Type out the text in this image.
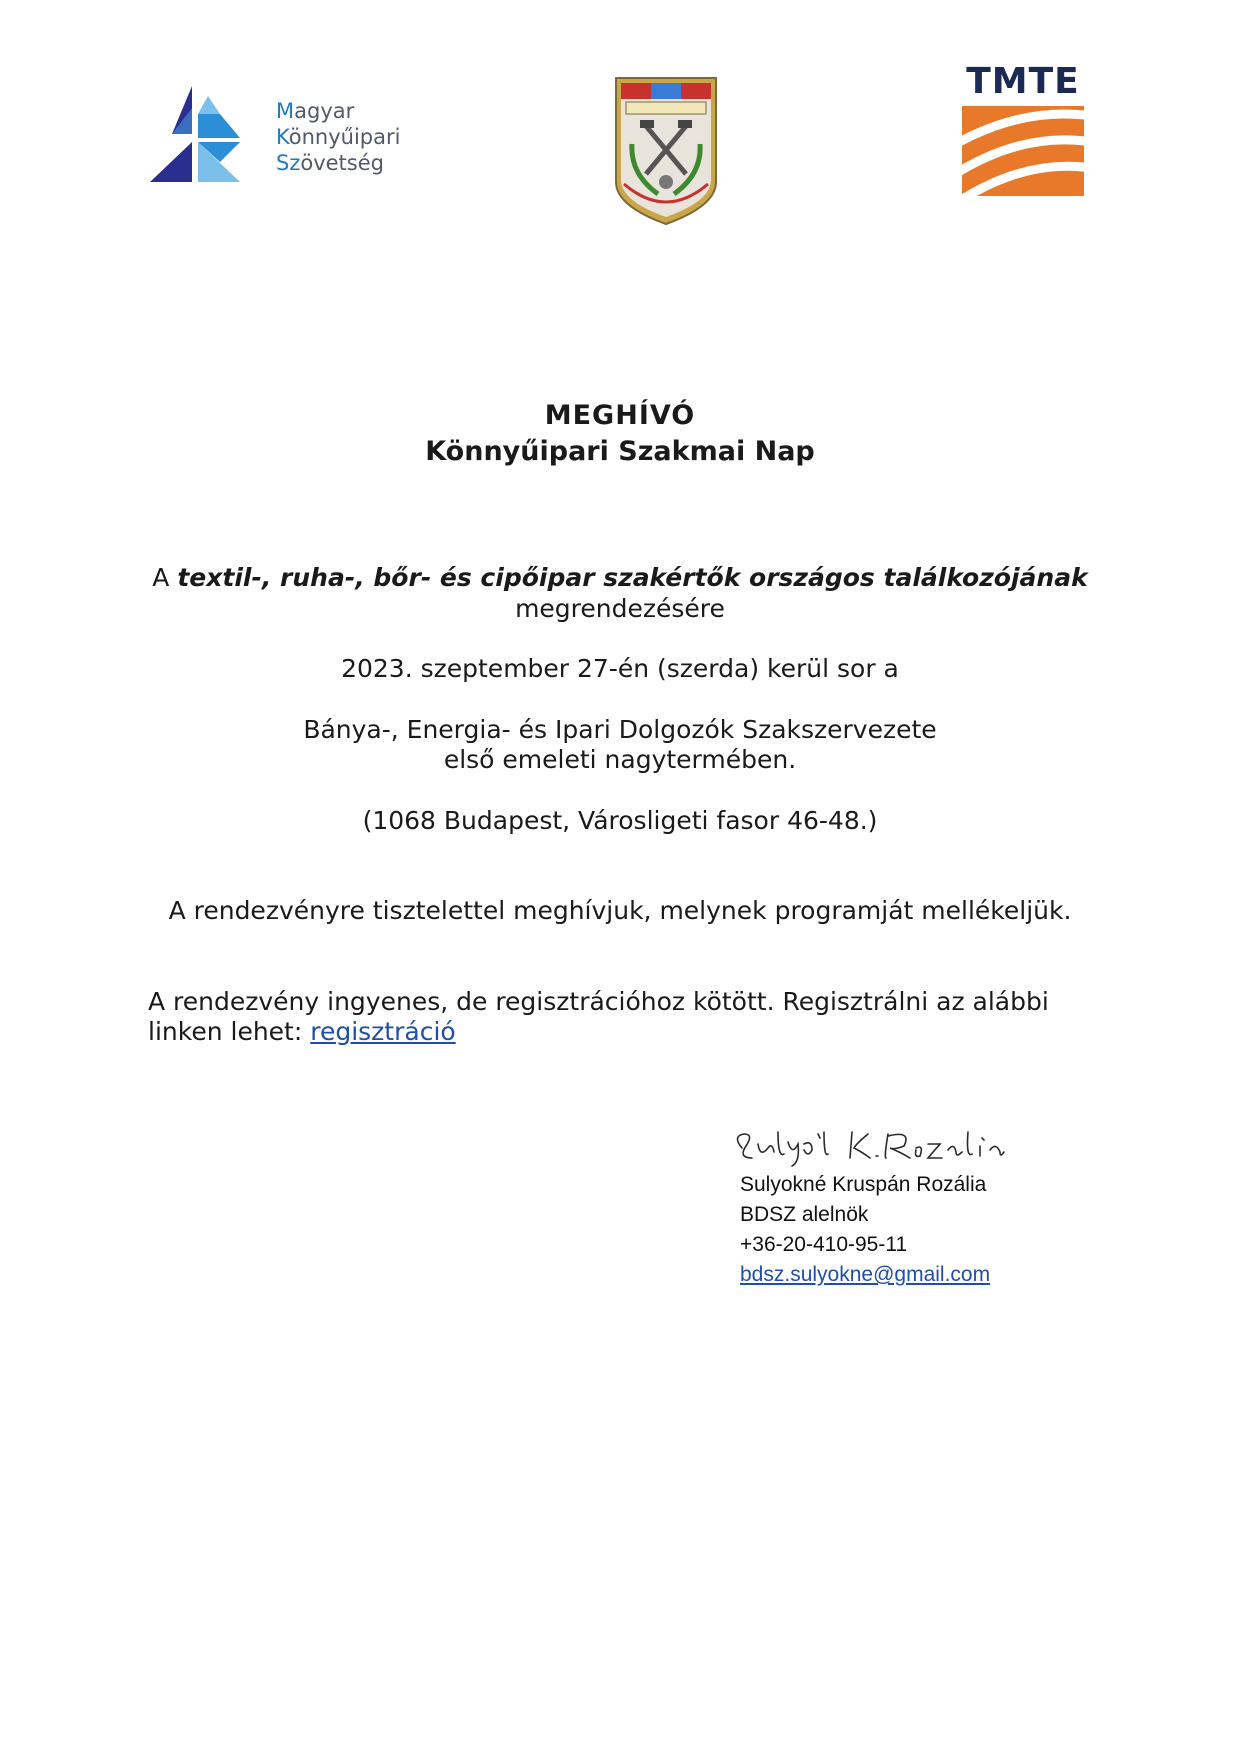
Magyar
Könnyűipari
Szövetség
TMTE
MEGHÍVÓ
Könnyűipari Szakmai Nap
A textil-, ruha-, bőr- és cipőipar szakértők országos találkozójának
megrendezésére
2023. szeptember 27-én (szerda) kerül sor a
Bánya-, Energia- és Ipari Dolgozók Szakszervezete
első emeleti nagytermében.
(1068 Budapest, Városligeti fasor 46-48.)
A rendezvényre tisztelettel meghívjuk, melynek programját mellékeljük.
A rendezvény ingyenes, de regisztrációhoz kötött. Regisztrálni az alábbi
linken lehet: regisztráció
Sulyokné Kruspán Rozália
BDSZ alelnök
+36-20-410-95-11
bdsz.sulyokne@gmail.com
